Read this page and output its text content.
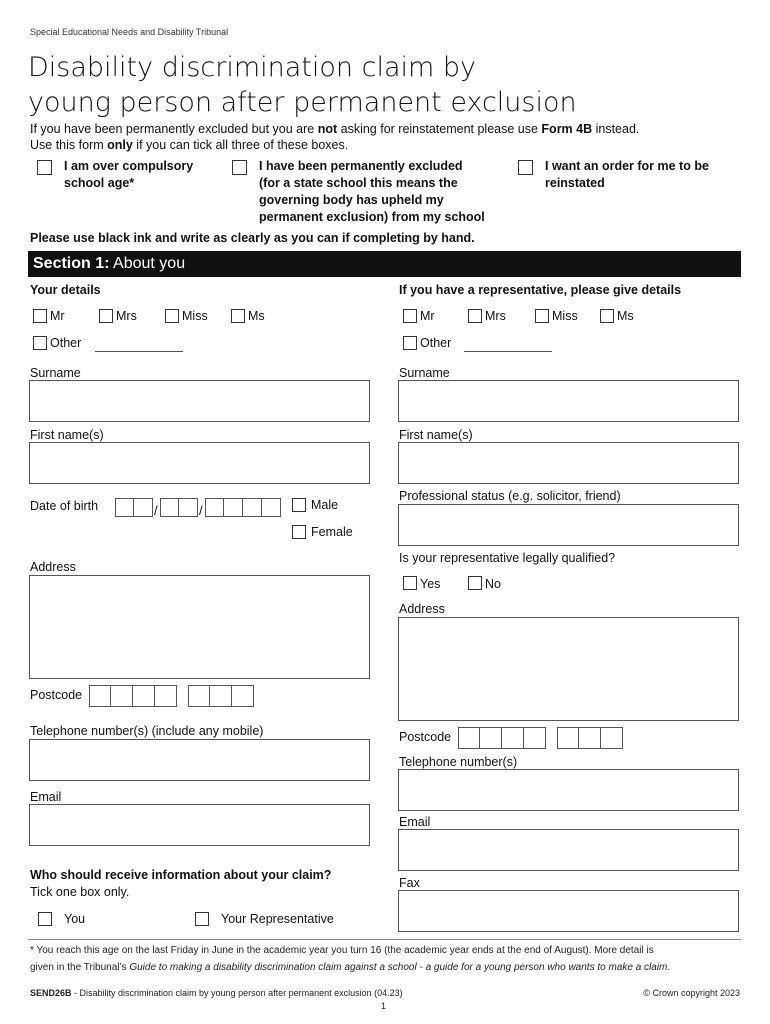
Special Educational Needs and Disability Tribunal
Disability discrimination claim by
young person after permanent exclusion
If you have been permanently excluded but you are not asking for reinstatement please use Form 4B instead.
Use this form only if you can tick all three of these boxes.
I am over compulsory
school age*
I have been permanently excluded
(for a state school this means the
governing body has upheld my
permanent exclusion) from my school
I want an order for me to be
reinstated
Please use black ink and write as clearly as you can if completing by hand.
Section 1: About you
Your details
Mr	Mrs	Miss	Ms
Other
Surname
First name(s)
Date of birth	/	/	Male
Female
Address
Postcode
Telephone number(s) (include any mobile)
Email
Who should receive information about your claim?
Tick one box only.
You	Your Representative
If you have a representative, please give details
Mr	Mrs	Miss	Ms
Other
Surname
First name(s)
Professional status (e.g. solicitor, friend)
Is your representative legally qualified?
Yes	No
Address
Postcode
Telephone number(s)
Email
Fax
* You reach this age on the last Friday in June in the academic year you turn 16 (the academic year ends at the end of August). More detail is
given in the Tribunal’s Guide to making a disability discrimination claim against a school - a guide for a young person who wants to make a claim.
SEND26B - Disability discrimination claim by young person after permanent exclusion (04.23)	© Crown copyright 2023
1
